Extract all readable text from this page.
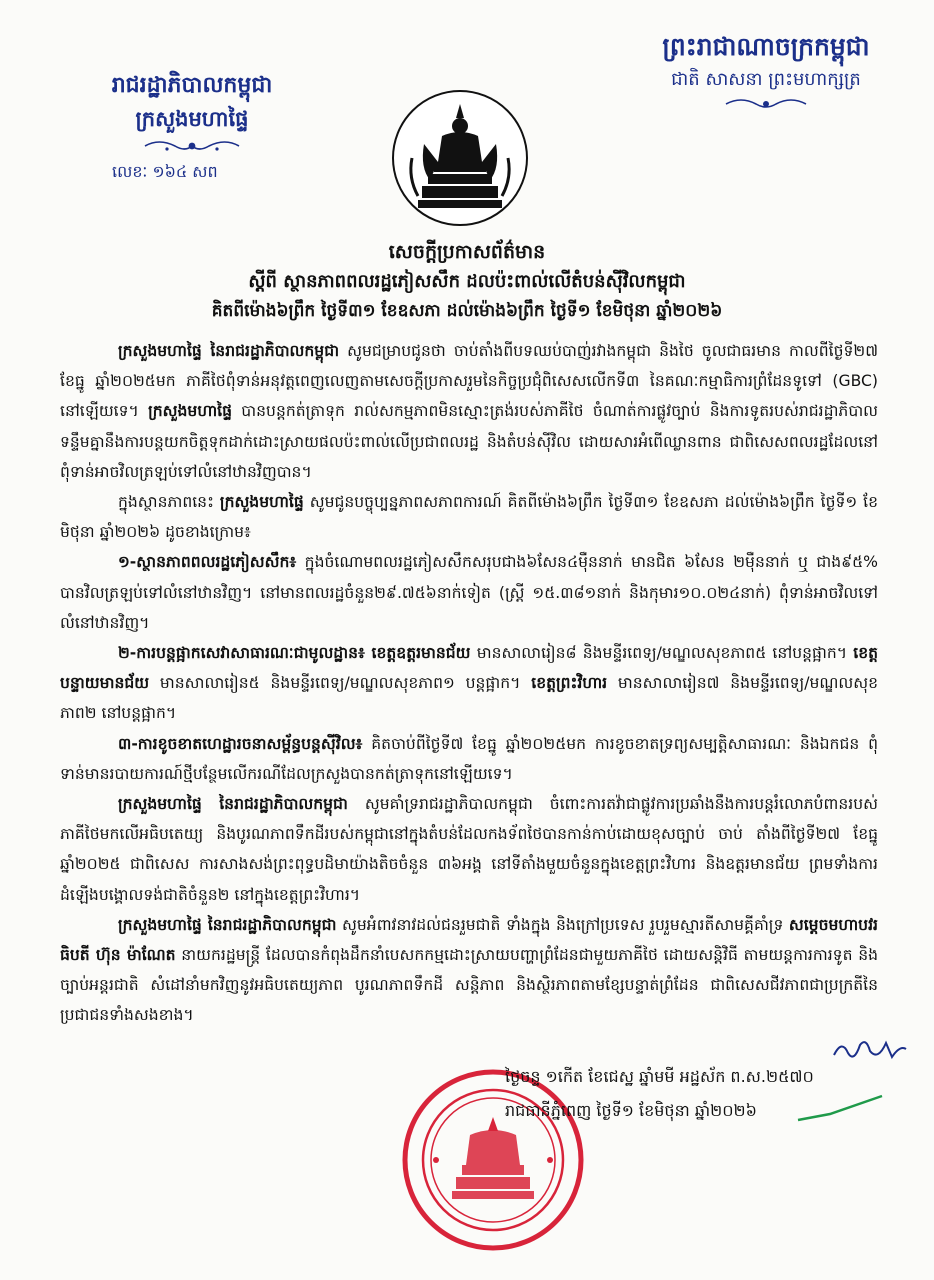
ព្រះរាជាណាចក្រកម្ពុជា
ជាតិ សាសនា ព្រះមហាក្សត្រ
រាជរដ្ឋាភិបាលកម្ពុជា
ក្រសួងមហាផ្ទៃ
លេខៈ ១៦៤ សព
សេចក្តីប្រកាសព័ត៌មាន
ស្តីពី ស្ថានភាពពលរដ្ឋភៀសសឹក ដលប៉ះពាល់លើតំបន់ស៊ីវិលកម្ពុជា
គិតពីម៉ោង៦ព្រឹក ថ្ងៃទី៣១ ខែឧសភា ដល់ម៉ោង៦ព្រឹក ថ្ងៃទី១ ខែមិថុនា ឆ្នាំ២០២៦

ក្រសួងមហាផ្ទៃ នៃរាជរដ្ឋាភិបាលកម្ពុជា សូមជម្រាបជូនថា ចាប់តាំងពីបទឈប់បាញ់រវាងកម្ពុជា និងថៃ ចូលជាធរមាន កាលពីថ្ងៃទី២៧ ខែធ្នូ ឆ្នាំ២០២៥មក ភាគីថៃពុំទាន់អនុវត្តពេញលេញតាមសេចក្តីប្រកាសរួមនៃកិច្ចប្រជុំពិសេសលើកទី៣ នៃគណៈកម្មាធិការព្រំដែនទូទៅ (GBC) នៅឡើយទេ។ ក្រសួងមហាផ្ទៃ បានបន្តកត់ត្រាទុក រាល់សកម្មភាពមិនស្មោះត្រង់របស់ភាគីថៃ ចំណាត់ការផ្លូវច្បាប់ និងការទូតរបស់រាជរដ្ឋាភិបាល ទន្ទឹមគ្នានឹងការបន្តយកចិត្តទុកដាក់ដោះស្រាយផលប៉ះពាល់លើប្រជាពលរដ្ឋ និងតំបន់ស៊ីវិល ដោយសារអំពើឈ្លានពាន ជាពិសេសពលរដ្ឋដែលនៅពុំទាន់អាចវិលត្រឡប់ទៅលំនៅឋានវិញបាន។

ក្នុងស្ថានភាពនេះ ក្រសួងមហាផ្ទៃ សូមជូនបច្ចុប្បន្នភាពសភាពការណ៍ គិតពីម៉ោង៦ព្រឹក ថ្ងៃទី៣១ ខែឧសភា ដល់ម៉ោង៦ព្រឹក ថ្ងៃទី១ ខែមិថុនា ឆ្នាំ២០២៦ ដូចខាងក្រោម៖

១-ស្ថានភាពពលរដ្ឋភៀសសឹក៖ ក្នុងចំណោមពលរដ្ឋភៀសសឹកសរុបជាង៦សែន៤ម៉ឺននាក់ មានជិត ៦សែន ២ម៉ឺននាក់ ឬ ជាង៩៥% បានវិលត្រឡប់ទៅលំនៅឋានវិញ។ នៅមានពលរដ្ឋចំនួន២៩.៧៥៦នាក់ទៀត (ស្ត្រី ១៥.៣៨១នាក់ និងកុមារ១០.០២៤នាក់) ពុំទាន់អាចវិលទៅលំនៅឋានវិញ។

២-ការបន្តផ្អាកសេវាសាធារណៈជាមូលដ្ឋាន៖ ខេត្តឧត្តរមានជ័យ មានសាលារៀន៨ និងមន្ទីរពេទ្យ/មណ្ឌលសុខភាព៥ នៅបន្តផ្អាក។ ខេត្តបន្ទាយមានជ័យ មានសាលារៀន៥ និងមន្ទីរពេទ្យ/មណ្ឌលសុខភាព១ បន្តផ្អាក។ ខេត្តព្រះវិហារ មានសាលារៀន៧ និងមន្ទីរពេទ្យ/មណ្ឌលសុខភាព២ នៅបន្តផ្អាក។

៣-ការខូចខាតហេដ្ឋារចនាសម្ព័ន្ធបន្តស៊ីវិល៖ គិតចាប់ពីថ្ងៃទី៧ ខែធ្នូ ឆ្នាំ២០២៥មក ការខូចខាតទ្រព្យសម្បត្តិសាធារណៈ និងឯកជន ពុំទាន់មានរបាយការណ៍ថ្មីបន្ថែមលើករណីដែលក្រសួងបានកត់ត្រាទុកនៅឡើយទេ។

ក្រសួងមហាផ្ទៃ នៃរាជរដ្ឋាភិបាលកម្ពុជា សូមគាំទ្ររាជរដ្ឋាភិបាលកម្ពុជា ចំពោះការតវ៉ាជាផ្លូវការប្រឆាំងនឹងការបន្តរំលោភបំពានរបស់ភាគីថៃមកលើអធិបតេយ្យ និងបូរណភាពទឹកដីរបស់កម្ពុជានៅក្នុងតំបន់ដែលកងទ័ពថៃបានកាន់កាប់ដោយខុសច្បាប់ ចាប់ តាំងពីថ្ងៃទី២៧ ខែធ្នូ ឆ្នាំ២០២៥ ជាពិសេស ការសាងសង់ព្រះពុទ្ធបដិមាយ៉ាងតិចចំនួន ៣៦អង្គ នៅទីតាំងមួយចំនួនក្នុងខេត្តព្រះវិហារ និងឧត្តរមានជ័យ ព្រមទាំងការដំឡើងបង្គោលទង់ជាតិចំនួន២ នៅក្នុងខេត្តព្រះវិហារ។

ក្រសួងមហាផ្ទៃ នៃរាជរដ្ឋាភិបាលកម្ពុជា សូមអំពាវនាវដល់ជនរួមជាតិ ទាំងក្នុង និងក្រៅប្រទេស រួបរួមស្មារតីសាមគ្គីគាំទ្រ សម្តេចមហាបវរធិបតី ហ៊ុន ម៉ាណែត នាយករដ្ឋមន្ត្រី ដែលបានកំពុងដឹកនាំបេសកកម្មដោះស្រាយបញ្ហាព្រំដែនជាមួយភាគីថៃ ដោយសន្តិវិធី តាមយន្តការការទូត និងច្បាប់អន្តរជាតិ សំដៅនាំមកវិញនូវអធិបតេយ្យភាព បូរណភាពទឹកដី សន្តិភាព និងស្ថិរភាពតាមខ្សែបន្ទាត់ព្រំដែន ជាពិសេសជីវភាពជាប្រក្រតីនៃប្រជាជនទាំងសងខាង។

ថ្ងៃចន្ទ ១កើត ខែជេស្ឋ ឆ្នាំមមី អដ្ឋស័ក ព.ស.២៥៧០
រាជធានីភ្នំពេញ ថ្ងៃទី១ ខែមិថុនា ឆ្នាំ២០២៦
